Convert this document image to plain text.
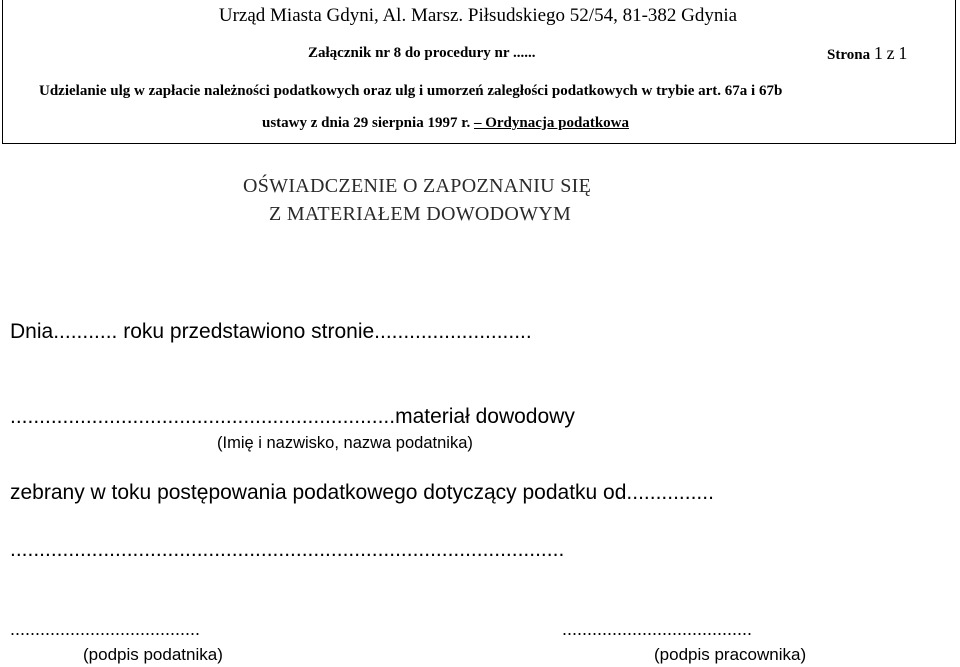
Urząd Miasta Gdyni, Al. Marsz. Piłsudskiego 52/54, 81-382 Gdynia
Załącznik nr 8 do procedury nr ......	Strona 1 z 1
Udzielanie ulg w zapłacie należności podatkowych oraz ulg i umorzeń zaległości podatkowych w trybie art. 67a i 67b
ustawy z dnia 29 sierpnia 1997 r. – Ordynacja podatkowa
OŚWIADCZENIE O ZAPOZNANIU SIĘ
Z MATERIAŁEM DOWODOWYM
Dnia........... roku przedstawiono stronie...........................
..................................................................materiał dowodowy
(Imię i nazwisko, nazwa podatnika)
zebrany w toku postępowania podatkowego dotyczący podatku od...............
...............................................................................................
......................................	......................................
(podpis podatnika)	(podpis pracownika)
